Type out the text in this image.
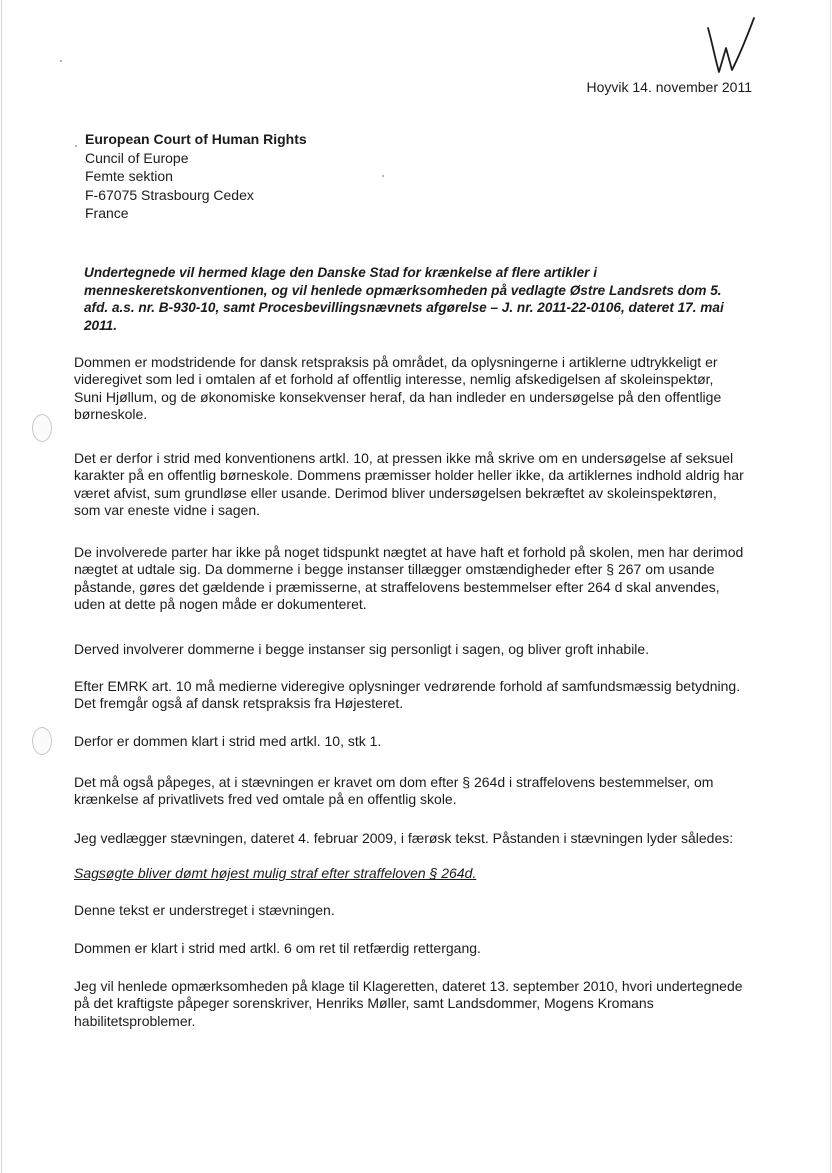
Hoyvik 14. november 2011
European Court of Human Rights
Cuncil of Europe
Femte sektion
F-67075 Strasbourg Cedex
France
Undertegnede vil hermed klage den Danske Stad for krænkelse af flere artikler i menneskeretskonventionen, og vil henlede opmærksomheden på vedlagte Østre Landsrets dom 5. afd. a.s. nr. B-930-10, samt Procesbevillingsnævnets afgørelse – J. nr. 2011-22-0106, dateret 17. mai 2011.

Dommen er modstridende for dansk retspraksis på området, da oplysningerne i artiklerne udtrykkeligt er videregivet som led i omtalen af et forhold af offentlig interesse, nemlig afskedigelsen af skoleinspektør, Suni Hjøllum, og de økonomiske konsekvenser heraf, da han indleder en undersøgelse på den offentlige børneskole.

Det er derfor i strid med konventionens artkl. 10, at pressen ikke må skrive om en undersøgelse af seksuel karakter på en offentlig børneskole. Dommens præmisser holder heller ikke, da artiklernes indhold aldrig har været afvist, sum grundløse eller usande. Derimod bliver undersøgelsen bekræftet av skoleinspektøren, som var eneste vidne i sagen.

De involverede parter har ikke på noget tidspunkt nægtet at have haft et forhold på skolen, men har derimod nægtet at udtale sig. Da dommerne i begge instanser tillægger omstændigheder efter § 267 om usande påstande, gøres det gældende i præmisserne, at straffelovens bestemmelser efter 264 d skal anvendes, uden at dette på nogen måde er dokumenteret.

Derved involverer dommerne i begge instanser sig personligt i sagen, og bliver groft inhabile.

Efter EMRK art. 10 må medierne videregive oplysninger vedrørende forhold af samfundsmæssig betydning. Det fremgår også af dansk retspraksis fra Højesteret.

Derfor er dommen klart i strid med artkl. 10, stk 1.

Det må også påpeges, at i stævningen er kravet om dom efter § 264d i straffelovens bestemmelser, om krænkelse af privatlivets fred ved omtale på en offentlig skole.

Jeg vedlægger stævningen, dateret 4. februar 2009, i færøsk tekst. Påstanden i stævningen lyder således:

Sagsøgte bliver dømt højest mulig straf efter straffeloven § 264d.

Denne tekst er understreget i stævningen.

Dommen er klart i strid med artkl. 6 om ret til retfærdig rettergang.

Jeg vil henlede opmærksomheden på klage til Klageretten, dateret 13. september 2010, hvori undertegnede på det kraftigste påpeger sorenskriver, Henriks Møller, samt Landsdommer, Mogens Kromans habilitetsproblemer.
